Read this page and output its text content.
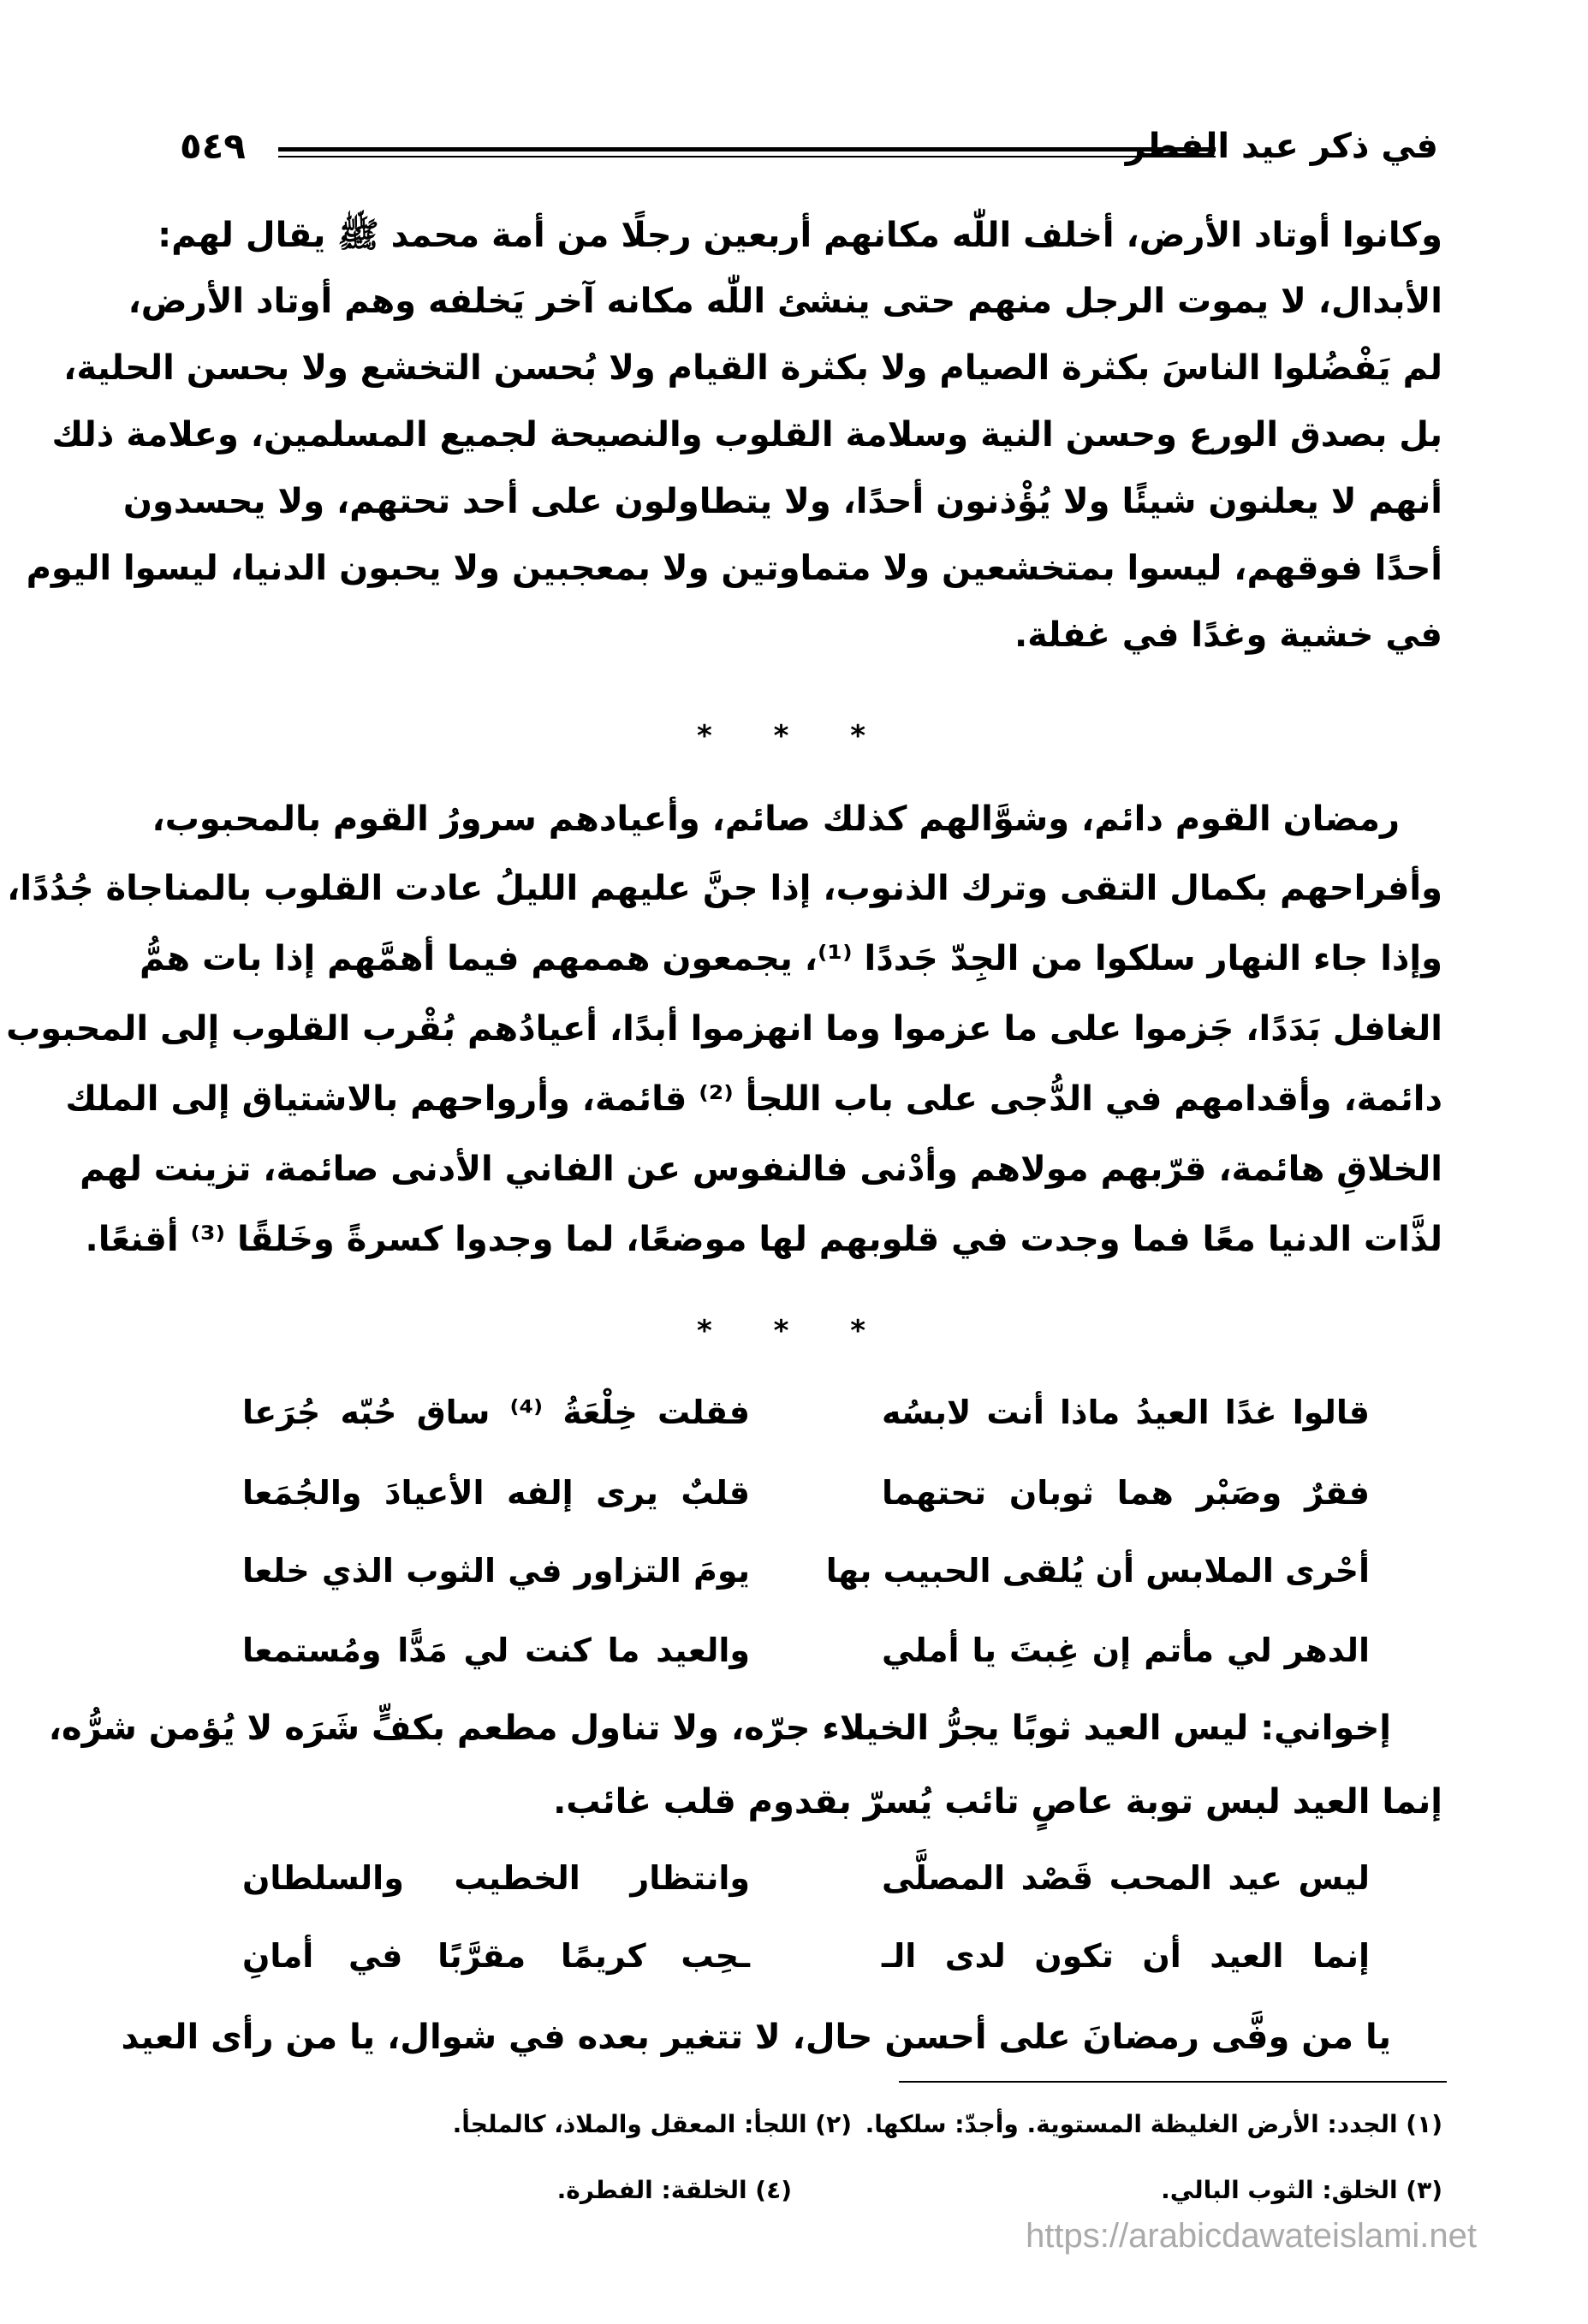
في ذكر عيد الفطر
٥٤٩
وكانوا أوتاد الأرض، أخلف اللّٰه مكانهم أربعين رجلًا من أمة محمد ﷺ يقال لهم:
الأبدال، لا يموت الرجل منهم حتى ينشئ اللّٰه مكانه آخر يَخلفه وهم أوتاد الأرض،
لم يَفْضُلوا الناسَ بكثرة الصيام ولا بكثرة القيام ولا بُحسن التخشع ولا بحسن الحلية،
بل بصدق الورع وحسن النية وسلامة القلوب والنصيحة لجميع المسلمين، وعلامة ذلك
أنهم لا يعلنون شيئًا ولا يُؤْذنون أحدًا، ولا يتطاولون على أحد تحتهم، ولا يحسدون
أحدًا فوقهم، ليسوا بمتخشعين ولا متماوتين ولا بمعجبين ولا يحبون الدنيا، ليسوا اليوم
في خشية وغدًا في غفلة.
* * *
رمضان القوم دائم، وشوَّالهم كذلك صائم، وأعيادهم سرورُ القوم بالمحبوب،
وأفراحهم بكمال التقى وترك الذنوب، إذا جنَّ عليهم الليلُ عادت القلوب بالمناجاة جُدُدًا،
وإذا جاء النهار سلكوا من الجِدّ جَددًا ⁽¹⁾، يجمعون هممهم فيما أهمَّهم إذا بات همُّ
الغافل بَدَدًا، جَزموا على ما عزموا وما انهزموا أبدًا، أعيادُهم بُقْرب القلوب إلى المحبوب
دائمة، وأقدامهم في الدُّجى على باب اللجأ ⁽²⁾ قائمة، وأرواحهم بالاشتياق إلى الملك
الخلاقِ هائمة، قرّبهم مولاهم وأدْنى فالنفوس عن الفاني الأدنى صائمة، تزينت لهم
لذَّات الدنيا معًا فما وجدت في قلوبهم لها موضعًا، لما وجدوا كسرةً وخَلقًا ⁽³⁾ أقنعًا.
* * *
قالوا غدًا العيدُ ماذا أنت لابسُه
فقلت خِلْعَةُ ⁽⁴⁾ ساق حُبّه جُرَعا
فقرٌ وصَبْر هما ثوبان تحتهما
قلبٌ يرى إلفه الأعيادَ والجُمَعا
أحْرى الملابس أن يُلقى الحبيب بها
يومَ التزاور في الثوب الذي خلعا
الدهر لي مأتم إن غِبتَ يا أملي
والعيد ما كنت لي مَدًّا ومُستمعا
إخواني: ليس العيد ثوبًا يجرُّ الخيلاء جرّه، ولا تناول مطعم بكفٍّ شَرَه لا يُؤمن شرُّه،
إنما العيد لبس توبة عاصٍ تائب يُسرّ بقدوم قلب غائب.
ليس عيد المحب قَصْد المصلَّى
وانتظار الخطيب والسلطان
إنما العيد أن تكون لدى الـ
ـحِب كريمًا مقرَّبًا في أمانِ
يا من وفَّى رمضانَ على أحسن حال، لا تتغير بعده في شوال، يا من رأى العيد
(١) الجدد: الأرض الغليظة المستوية. وأجدّ: سلكها.
(٢) اللجأ: المعقل والملاذ، كالملجأ.
(٣) الخلق: الثوب البالي.
(٤) الخلقة: الفطرة.
https://arabicdawateislami.net
